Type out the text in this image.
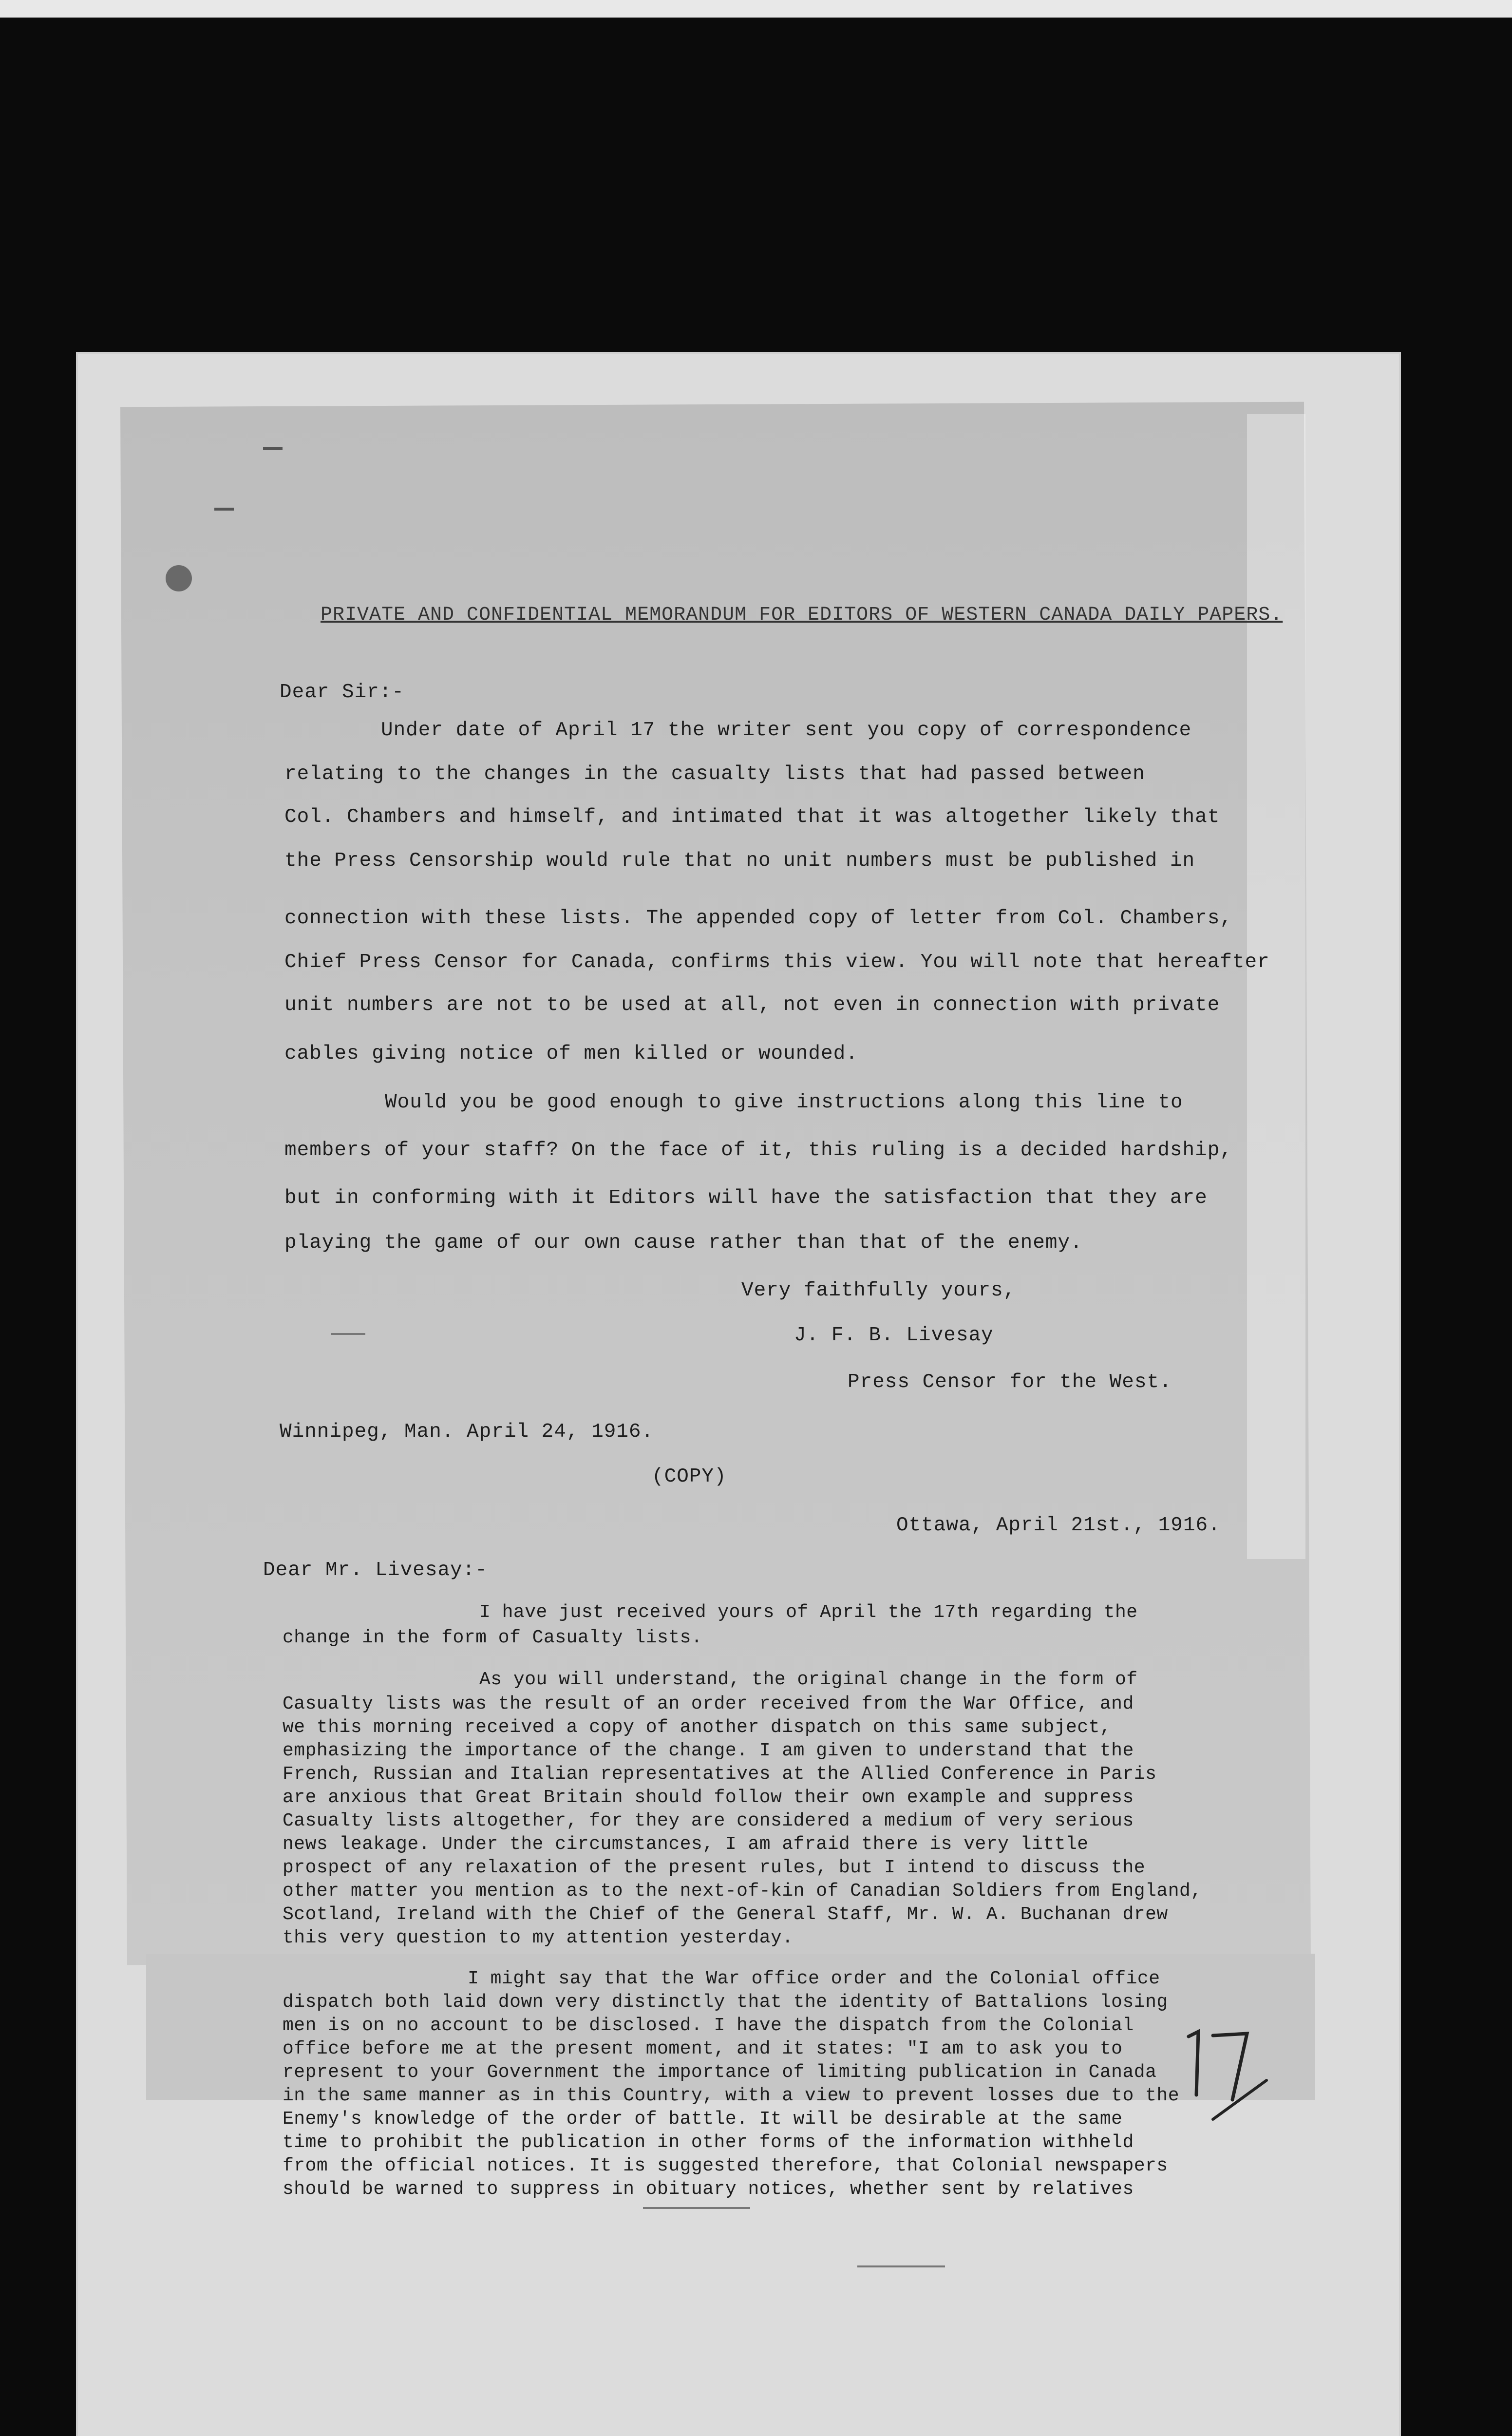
PRIVATE AND CONFIDENTIAL MEMORANDUM FOR EDITORS OF WESTERN CANADA DAILY PAPERS.
Dear Sir:-
Under date of April 17 the writer sent you copy of correspondence
relating to the changes in the casualty lists that had passed between
Col. Chambers and himself, and intimated that it was altogether likely that
the Press Censorship would rule that no unit numbers must be published in
connection with these lists. The appended copy of letter from Col. Chambers,
Chief Press Censor for Canada, confirms this view. You will note that hereafter
unit numbers are not to be used at all, not even in connection with private
cables giving notice of men killed or wounded.
Would you be good enough to give instructions along this line to
members of your staff? On the face of it, this ruling is a decided hardship,
but in conforming with it Editors will have the satisfaction that they are
playing the game of our own cause rather than that of the enemy.
Very faithfully yours,
J. F. B. Livesay
Press Censor for the West.
Winnipeg, Man. April 24, 1916.
(COPY)
Ottawa, April 21st., 1916.
Dear Mr. Livesay:-
I have just received yours of April the 17th regarding the
change in the form of Casualty lists.
As you will understand, the original change in the form of
Casualty lists was the result of an order received from the War Office, and
we this morning received a copy of another dispatch on this same subject,
emphasizing the importance of the change. I am given to understand that the
French, Russian and Italian representatives at the Allied Conference in Paris
are anxious that Great Britain should follow their own example and suppress
Casualty lists altogether, for they are considered a medium of very serious
news leakage. Under the circumstances, I am afraid there is very little
prospect of any relaxation of the present rules, but I intend to discuss the
other matter you mention as to the next-of-kin of Canadian Soldiers from England,
Scotland, Ireland with the Chief of the General Staff, Mr. W. A. Buchanan drew
this very question to my attention yesterday.
I might say that the War office order and the Colonial office
dispatch both laid down very distinctly that the identity of Battalions losing
men is on no account to be disclosed. I have the dispatch from the Colonial
office before me at the present moment, and it states: "I am to ask you to
represent to your Government the importance of limiting publication in Canada
in the same manner as in this Country, with a view to prevent losses due to the
Enemy's knowledge of the order of battle. It will be desirable at the same
time to prohibit the publication in other forms of the information withheld
from the official notices. It is suggested therefore, that Colonial newspapers
should be warned to suppress in obituary notices, whether sent by relatives
